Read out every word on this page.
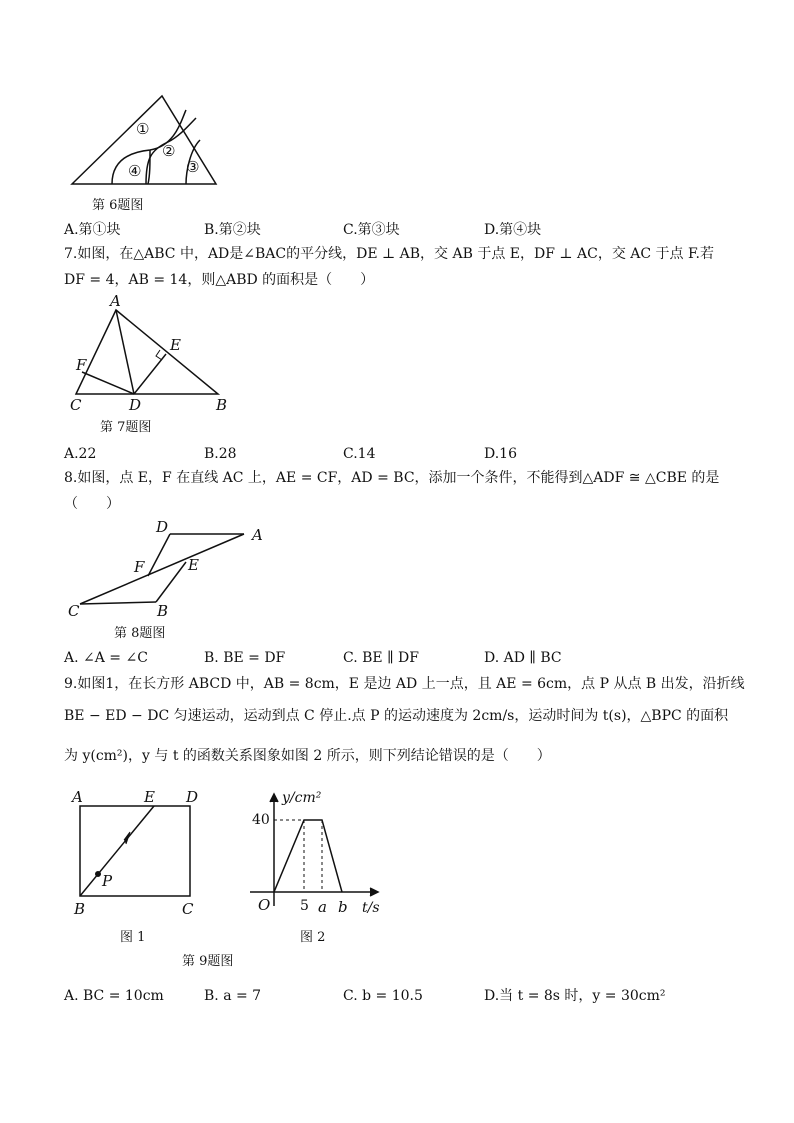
①
②
③
④
第 6题图
A.第①块	B.第②块	C.第③块	D.第④块
7.如图，在△ABC 中，AD是∠BAC的平分线，DE ⊥ AB，交 AB 于点 E，DF ⊥ AC，交 AC 于点 F.若
DF = 4，AB = 14，则△ABD 的面积是（　　）
A
E
F
C	D	B
第 7题图
A.22	B.28	C.14	D.16
8.如图，点 E，F 在直线 AC 上，AE = CF，AD = BC，添加一个条件，不能得到△ADF ≅ △CBE 的是
（　　）
D	A
F	E
C	B
第 8题图
A. ∠A = ∠C	B. BE = DF	C. BE ∥ DF	D. AD ∥ BC
9.如图1，在长方形 ABCD 中，AB = 8cm，E 是边 AD 上一点，且 AE = 6cm，点 P 从点 B 出发，沿折线
BE − ED − DC 匀速运动，运动到点 C 停止.点 P 的运动速度为 2cm/s，运动时间为 t(s)，△BPC 的面积
为 y(cm²)，y 与 t 的函数关系图象如图 2 所示，则下列结论错误的是（　　）
A	E D
P
B	C
图 1
y/cm²
40
O 5 a b t/s
图 2
第 9题图
A. BC = 10cm	B. a = 7	C. b = 10.5	D.当 t = 8s 时，y = 30cm²
